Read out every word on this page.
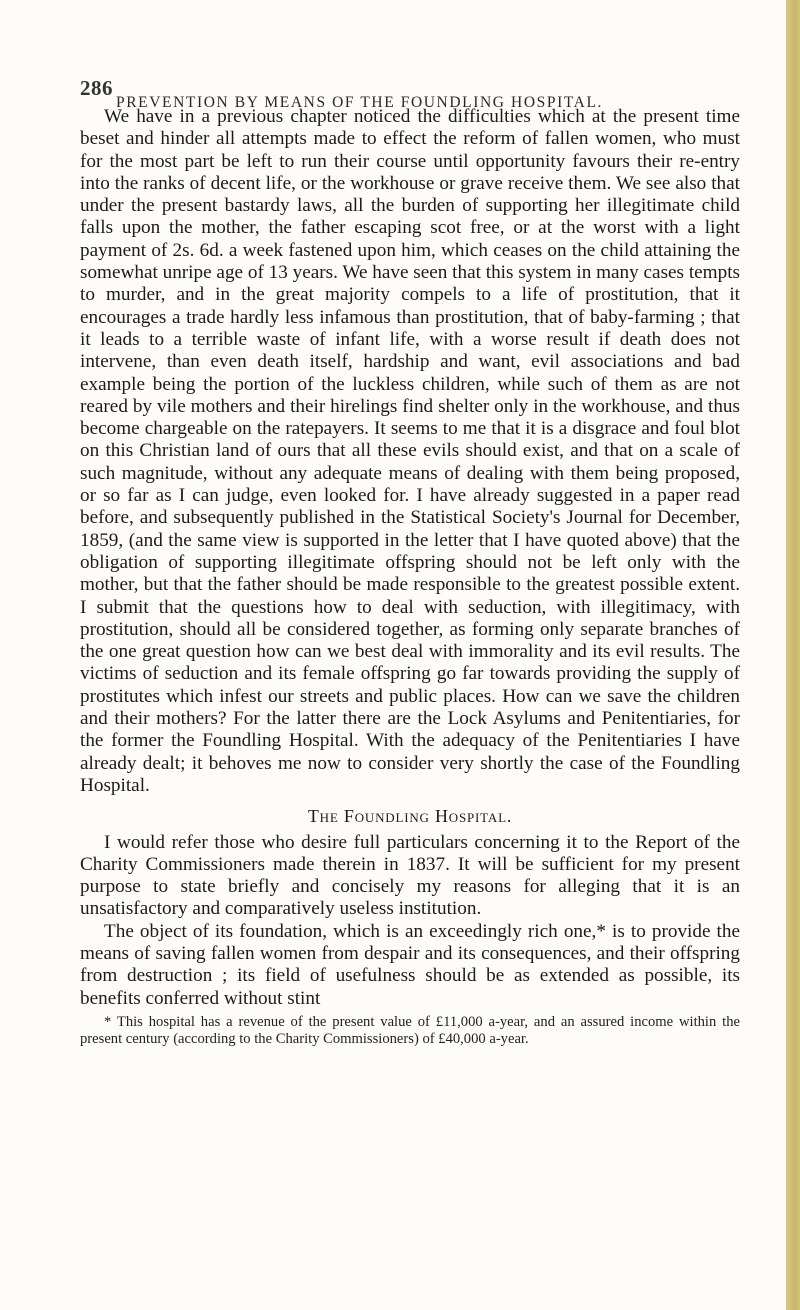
286
PREVENTION BY MEANS OF THE FOUNDLING HOSPITAL.

We have in a previous chapter noticed the difficulties which at the present time beset and hinder all attempts made to effect the reform of fallen women, who must for the most part be left to run their course until opportunity favours their re-entry into the ranks of decent life, or the workhouse or grave receive them. We see also that under the present bastardy laws, all the burden of supporting her illegitimate child falls upon the mother, the father escaping scot free, or at the worst with a light payment of 2s. 6d. a week fastened upon him, which ceases on the child attaining the somewhat unripe age of 13 years. We have seen that this system in many cases tempts to murder, and in the great majority compels to a life of prostitution, that it encourages a trade hardly less infamous than prostitution, that of baby-farming ; that it leads to a terrible waste of infant life, with a worse result if death does not intervene, than even death itself, hardship and want, evil associations and bad example being the portion of the luckless children, while such of them as are not reared by vile mothers and their hirelings find shelter only in the workhouse, and thus become chargeable on the ratepayers. It seems to me that it is a disgrace and foul blot on this Christian land of ours that all these evils should exist, and that on a scale of such magnitude, without any adequate means of dealing with them being proposed, or so far as I can judge, even looked for. I have already suggested in a paper read before, and subsequently published in the Statistical Society's Journal for December, 1859, (and the same view is supported in the letter that I have quoted above) that the obligation of supporting illegitimate offspring should not be left only with the mother, but that the father should be made responsible to the greatest possible extent. I submit that the questions how to deal with seduction, with illegitimacy, with prostitution, should all be considered together, as forming only separate branches of the one great question how can we best deal with immorality and its evil results. The victims of seduction and its female offspring go far towards providing the supply of prostitutes which infest our streets and public places. How can we save the children and their mothers? For the latter there are the Lock Asylums and Penitentiaries, for the former the Foundling Hospital. With the adequacy of the Penitentiaries I have already dealt; it behoves me now to consider very shortly the case of the Foundling Hospital.

The Foundling Hospital.

I would refer those who desire full particulars concerning it to the Report of the Charity Commissioners made therein in 1837. It will be sufficient for my present purpose to state briefly and concisely my reasons for alleging that it is an unsatisfactory and comparatively useless institution.

The object of its foundation, which is an exceedingly rich one,* is to provide the means of saving fallen women from despair and its consequences, and their offspring from destruction ; its field of usefulness should be as extended as possible, its benefits conferred without stint

* This hospital has a revenue of the present value of £11,000 a-year, and an assured income within the present century (according to the Charity Commissioners) of £40,000 a-year.
